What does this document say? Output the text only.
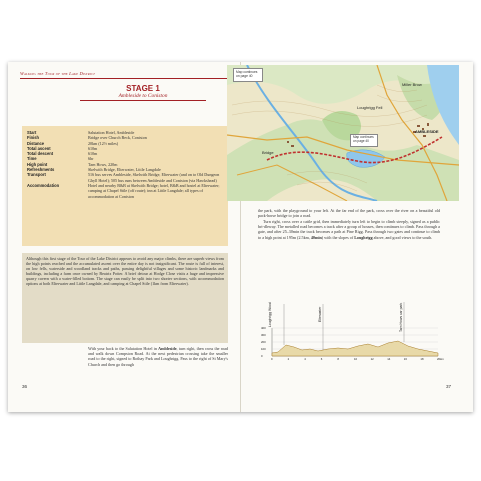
Walking the Tour of the Lake District
STAGE 1
Ambleside to Coniston
Start	Salutation Hotel, Ambleside
Finish	Bridge over Church Beck, Coniston
Distance	20km (12½ miles)
Total ascent	610m
Total descent	610m
Time	6hr
High point	Tarn Hows, 220m
Refreshments	Skelwith Bridge, Elterwater, Little Langdale
Transport	516 bus serves Ambleside, Skelwith Bridge, Elterwater (and on to Old Dungeon Ghyll Hotel); 505 bus runs between Ambleside and Coniston (via Hawkshead)
Accommodation	Hotel and nearby B&B at Skelwith Bridge; hotel, B&B and hostel at Elterwater; camping at Chapel Stile (off route); inn at Little Langdale; all types of accommodation at Coniston
Although this first stage of the Tour of the Lake District appears to avoid any major climbs, there are superb views from the high points reached and the accumulated ascent over the entire day is not insignificant. The route is full of interest, on low fells, waterside and woodland tracks and paths, passing delightful villages and some historic landmarks and buildings, including a farm once owned by Beatrix Potter. A brief detour at Hodge Close visits a huge and impressive quarry cavern with a water-filled bottom. The stage can easily be split into two shorter sections, with accommodation options at both Elterwater and Little Langdale, and camping at Chapel Stile (1km from Elterwater).
With your back to the Salutation Hotel in Ambleside, turn right, then cross the road and walk down Compston Road. At the next pedestrian crossing take the smaller road to the right, signed to Rothay Park and Loughrigg. Pass to the right of St Mary's Church and then go through
36
Map continues on page 40
Map continues on page 40
Bridge
Loughrigg Fell
Miller Brow
AMBLESIDE

the park, with the playground to your left. At the far end of the park, cross over the river on a beautiful old pack-horse bridge to join a road.

Turn right, cross over a cattle grid, then immediately turn left to begin to climb steeply, signed as a public bri-dleway. The metalled road becomes a track after a group of houses, then continues to climb. Pass through a gate, and after 25–30min the track becomes a path at Pine Rigg. Pass through two gates and continue to climb to a high point at 195m (2.5km, 40min) with the slopes of Loughrigg above, and good views to the south.

Loughrigg Wood	Elterwater	Tarn Hows car park
400
300
200
100
0
0	2	4	6	8	10	12	14	16	18	20km
37
